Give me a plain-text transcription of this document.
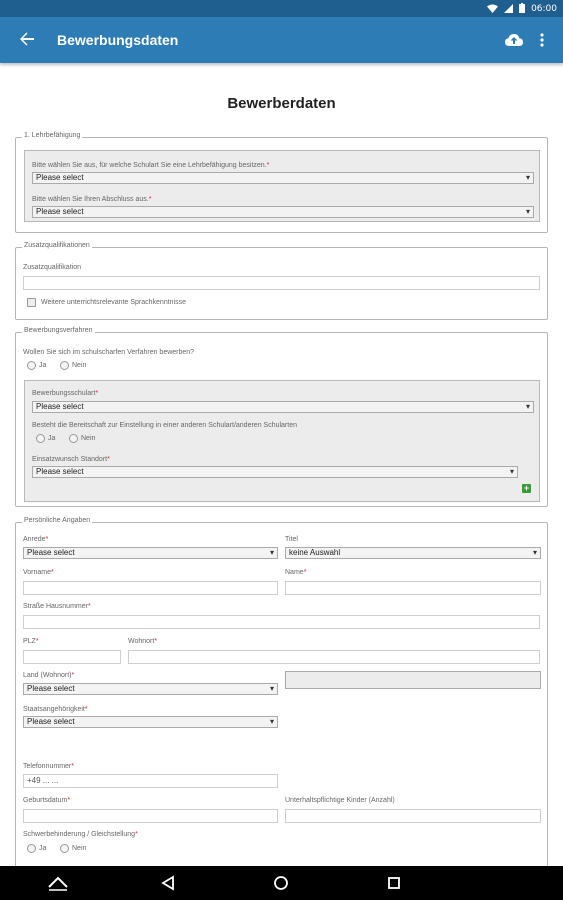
06:00
Bewerbungsdaten
Bewerberdaten
1. Lehrbefähigung
Bitte wählen Sie aus, für welche Schulart Sie eine Lehrbefähigung besitzen.*
Please select ▾
Bitte wählen Sie Ihren Abschluss aus.*
Please select ▾
Zusatzqualifikationen
Zusatzqualifikation
Weitere unterrichtsrelevante Sprachkenntnisse
Bewerbungsverfahren
Wollen Sie sich im schulscharfen Verfahren bewerben?
Ja	Nein
Bewerbungsschulart*
Please select ▾
Besteht die Bereitschaft zur Einstellung in einer anderen Schulart/anderen Schularten
Ja	Nein
Einsatzwunsch Standort*
Please select ▾
+
Persönliche Angaben
Anrede*
Please select ▾
Titel
keine Auswahl ▾
Vorname*	Name*
Straße Hausnummer*
PLZ*	Wohnort*
Land (Wohnort)*
Please select ▾
Staatsangehörigkeit*
Please select ▾
Telefonnummer*
+49 ... ...
Geburtsdatum*	Unterhaltspflichtige Kinder (Anzahl)
Schwerbehinderung / Gleichstellung*
Ja	Nein
